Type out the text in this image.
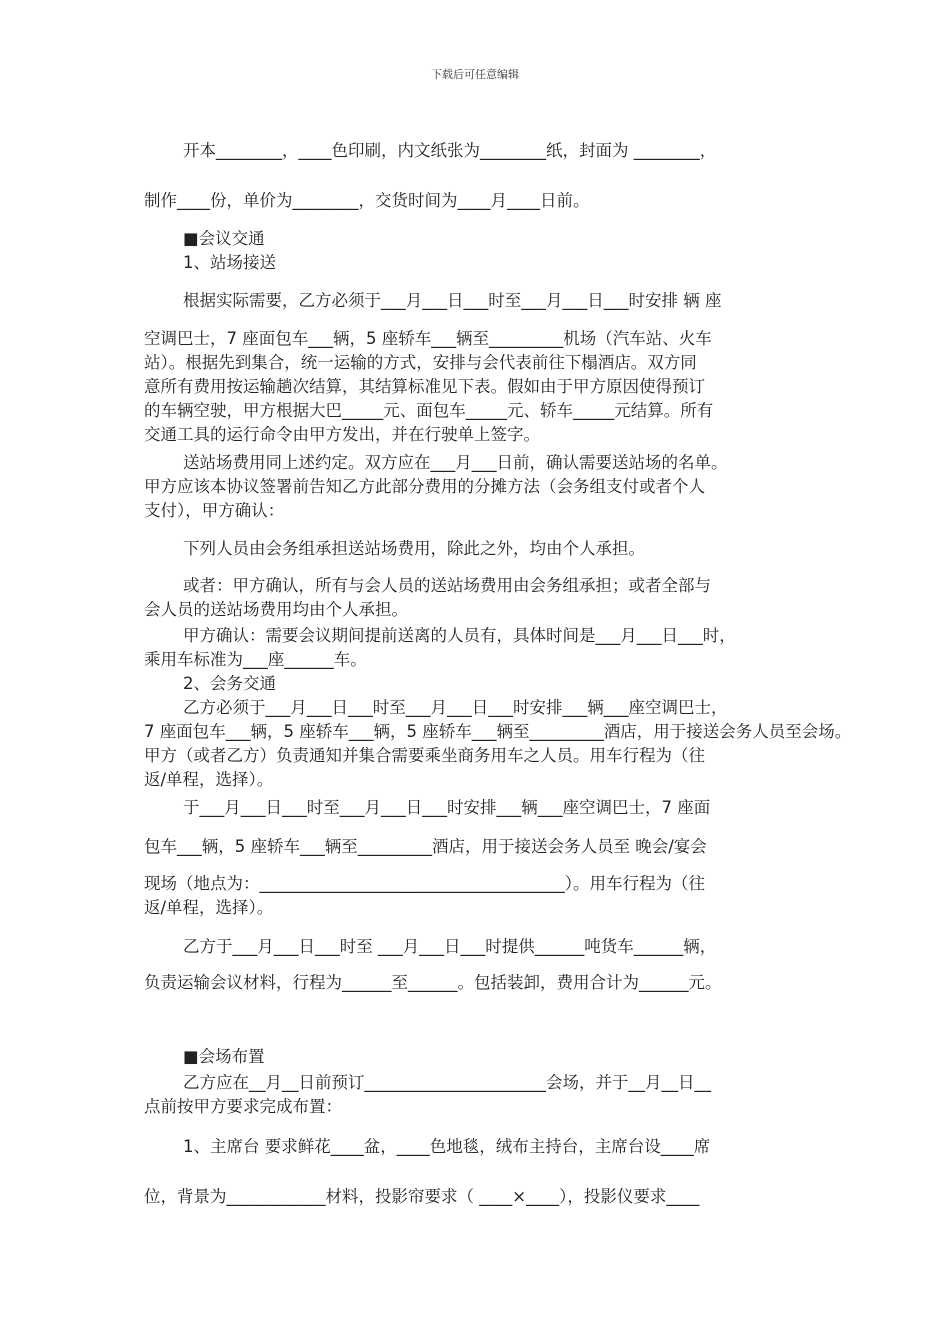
下载后可任意编辑
开本________，____色印刷，内文纸张为________纸，封面为 ________，
制作____份，单价为________，交货时间为____月____日前。
■会议交通
1、站场接送
根据实际需要，乙方必须于___月___日___时至___月___日___时安排 辆 座
空调巴士，7 座面包车___辆，5 座轿车___辆至_________机场（汽车站、火车
站）。根据先到集合，统一运输的方式，安排与会代表前往下榻酒店。双方同
意所有费用按运输趟次结算，其结算标准见下表。假如由于甲方原因使得预订
的车辆空驶，甲方根据大巴_____元、面包车_____元、轿车_____元结算。所有
交通工具的运行命令由甲方发出，并在行驶单上签字。
送站场费用同上述约定。双方应在___月___日前，确认需要送站场的名单。
甲方应该本协议签署前告知乙方此部分费用的分摊方法（会务组支付或者个人
支付），甲方确认：
下列人员由会务组承担送站场费用，除此之外，均由个人承担。
或者：甲方确认，所有与会人员的送站场费用由会务组承担；或者全部与
会人员的送站场费用均由个人承担。
甲方确认：需要会议期间提前送离的人员有，具体时间是___月___日___时，
乘用车标准为___座______车。
2、会务交通
乙方必须于___月___日___时至___月___日___时安排___辆___座空调巴士，
7 座面包车___辆，5 座轿车___辆，5 座轿车___辆至_________酒店，用于接送会务人员至会场。
甲方（或者乙方）负责通知并集合需要乘坐商务用车之人员。用车行程为（往
返/单程，选择）。
于___月___日___时至___月___日___时安排___辆___座空调巴士，7 座面
包车___辆，5 座轿车___辆至_________酒店，用于接送会务人员至 晚会/宴会
现场（地点为：_____________________________________）。用车行程为（往
返/单程，选择）。
乙方于___月___日___时至 ___月___日___时提供______吨货车______辆，
负责运输会议材料，行程为______至______。包括装卸，费用合计为______元。
■会场布置
乙方应在__月__日前预订______________________会场，并于__月__日__
点前按甲方要求完成布置：
1、主席台 要求鲜花____盆，____色地毯，绒布主持台，主席台设____席
位，背景为____________材料，投影帘要求（ ____×____），投影仪要求____
